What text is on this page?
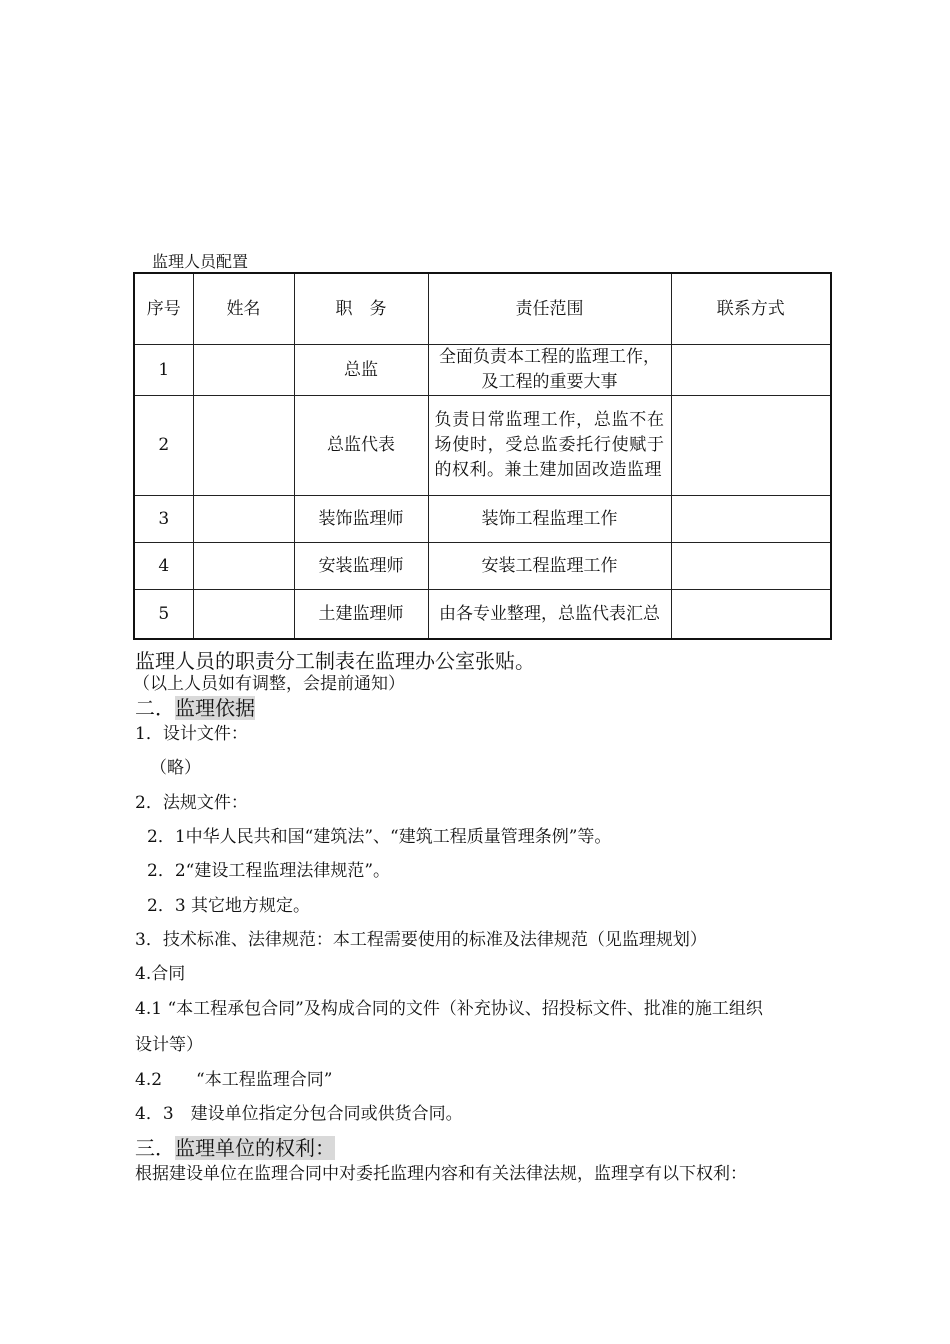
监理人员配置
序号	姓名	职　务	责任范围	联系方式
1		总监	全面负责本工程的监理工作，及工程的重要大事	
2		总监代表	负责日常监理工作，总监不在场使时，受总监委托行使赋于的权利。兼土建加固改造监理	
3		装饰监理师	装饰工程监理工作	
4		安装监理师	安装工程监理工作	
5		土建监理师	由各专业整理，总监代表汇总	
监理人员的职责分工制表在监理办公室张贴。
（以上人员如有调整，会提前通知）
二．监理依据
1．设计文件：
（略）
2．法规文件：
2．1中华人民共和国“建筑法”、“建筑工程质量管理条例”等。
2．2“建设工程监理法律规范”。
2．3 其它地方规定。
3．技术标准、法律规范：本工程需要使用的标准及法律规范（见监理规划）
4.合同
4.1 “本工程承包合同”及构成合同的文件（补充协议、招投标文件、批准的施工组织
设计等）
4.2　　“本工程监理合同”
4．3　建设单位指定分包合同或供货合同。
三．监理单位的权利：
根据建设单位在监理合同中对委托监理内容和有关法律法规，监理享有以下权利：
